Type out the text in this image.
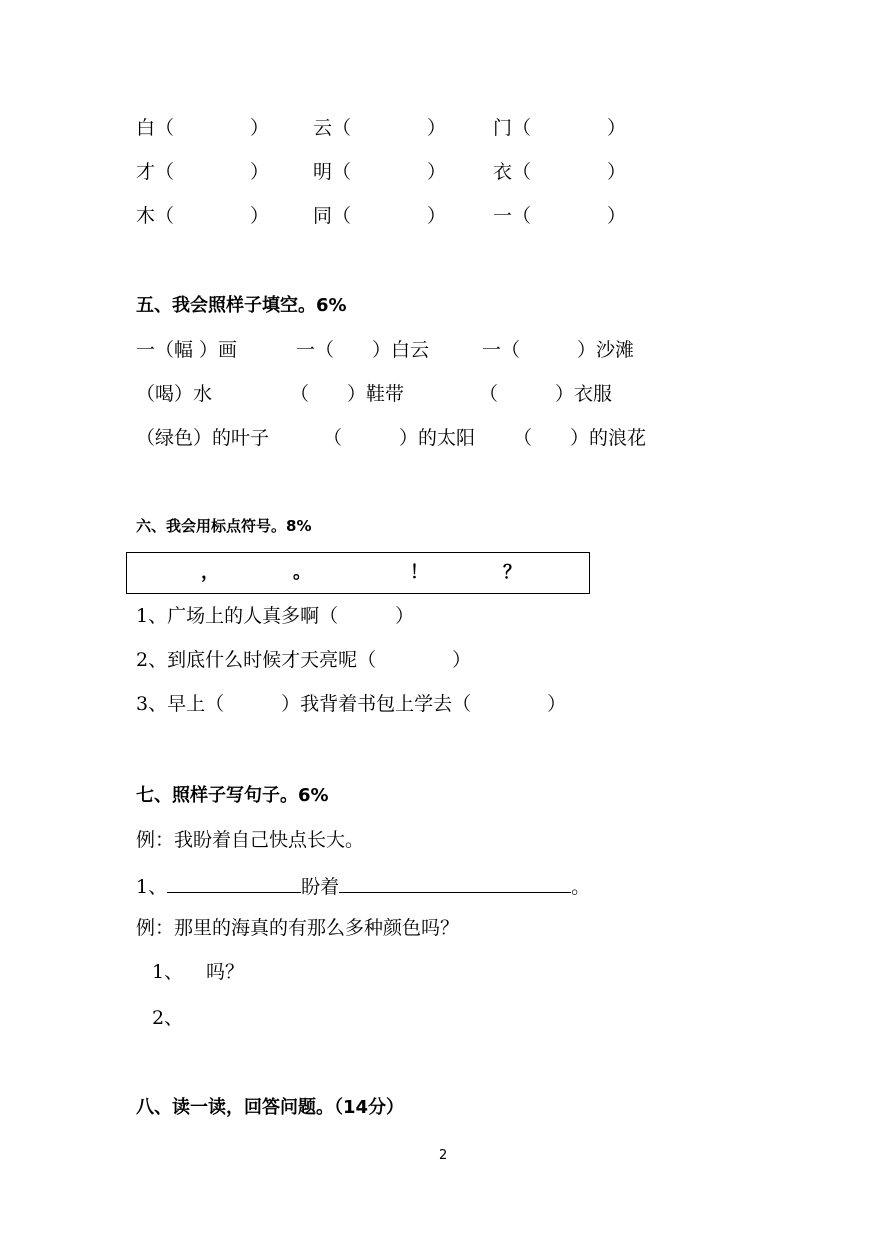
白（　　　　） 云（　　　　） 门（　　　　）
才（　　　　） 明（　　　　） 衣（　　　　）
木（　　　　） 同（　　　　） 一（　　　　）
五、我会照样子填空。6%
一（幅 ）画	一（　　）白云	一（　　　）沙滩
（喝）水	（　　）鞋带	（　　　）衣服
（绿色）的叶子	（　　　）的太阳 （　　）的浪花
六、我会用标点符号。8%
，	。	！	？
1、广场上的人真多啊（　　　）
2、到底什么时候才天亮呢（　　　　）
3、早上（　　　）我背着书包上学去（　　　　）
七、照样子写句子。6%
例：我盼着自己快点长大。
1、	盼着	。
例：那里的海真的有那么多种颜色吗？
1、 吗？
2、
八、读一读，回答问题。（14分）
2
